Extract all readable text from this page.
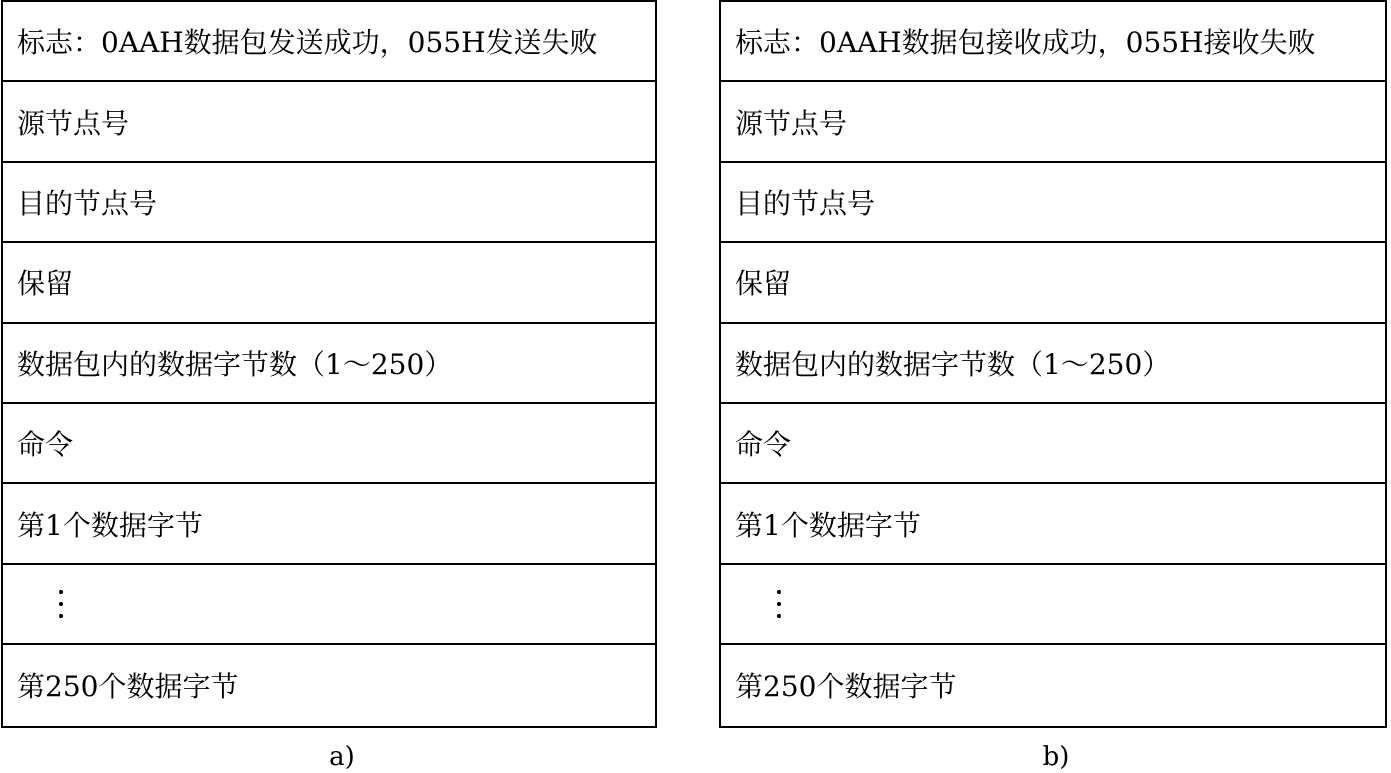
标志：0AAH数据包发送成功，055H发送失败
源节点号
目的节点号
保留
数据包内的数据字节数（1～250）
命令
第1个数据字节
第250个数据字节
标志：0AAH数据包接收成功，055H接收失败
源节点号
目的节点号
保留
数据包内的数据字节数（1～250）
命令
第1个数据字节
第250个数据字节
a)	b)
